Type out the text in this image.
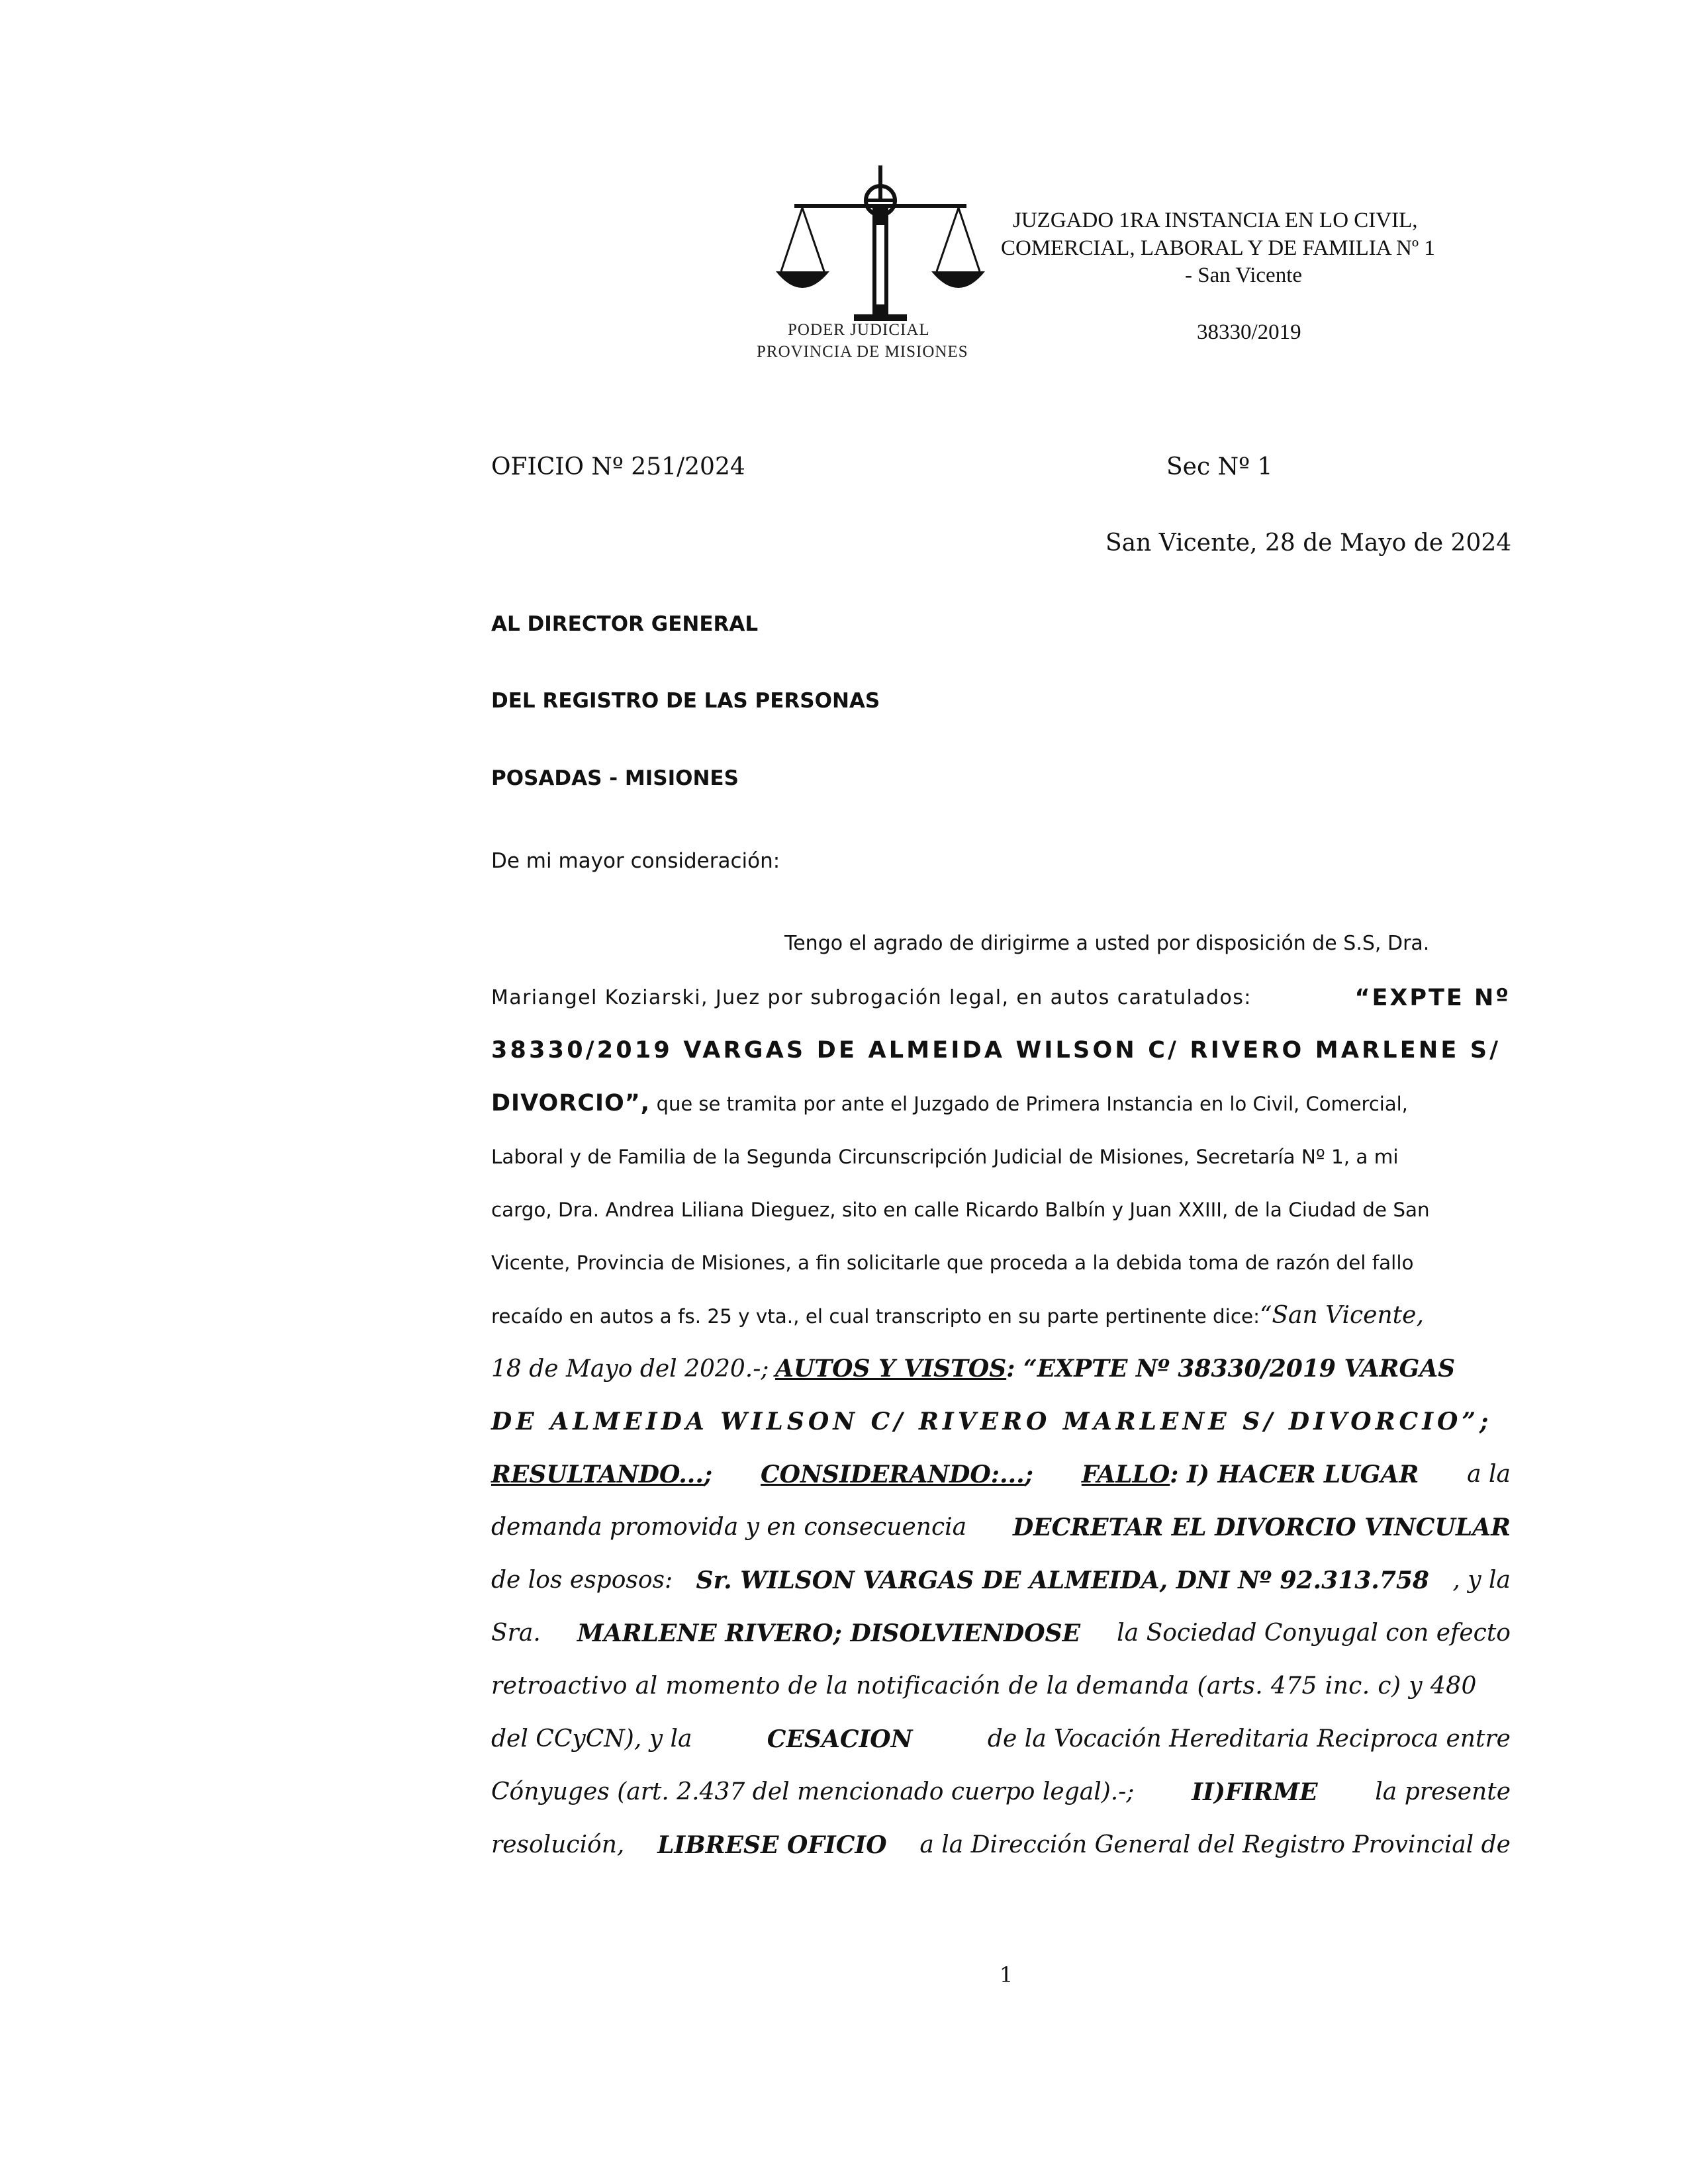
PODER JUDICIAL
PROVINCIA DE MISIONES
JUZGADO 1RA INSTANCIA EN LO CIVIL,
COMERCIAL, LABORAL Y DE FAMILIA Nº 1
- San Vicente
38330/2019
OFICIO Nº 251/2024	Sec Nº 1
San Vicente, 28 de Mayo de 2024
AL DIRECTOR GENERAL
DEL REGISTRO DE LAS PERSONAS
POSADAS - MISIONES
De mi mayor consideración:
Tengo el agrado de dirigirme a usted por disposición de S.S, Dra.
Mariangel Koziarski, Juez por subrogación legal, en autos caratulados:	“EXPTE Nº
38330/2019 VARGAS DE ALMEIDA WILSON C/ RIVERO MARLENE S/
DIVORCIO”, que se tramita por ante el Juzgado de Primera Instancia en lo Civil, Comercial,
Laboral y de Familia de la Segunda Circunscripción Judicial de Misiones, Secretaría Nº 1, a mi
cargo, Dra. Andrea Liliana Dieguez, sito en calle Ricardo Balbín y Juan XXIII, de la Ciudad de San
Vicente, Provincia de Misiones, a fin solicitarle que proceda a la debida toma de razón del fallo
recaído en autos a fs. 25 y vta., el cual transcripto en su parte pertinente dice:“San Vicente,
18 de Mayo del 2020.-; AUTOS Y VISTOS: “EXPTE Nº 38330/2019 VARGAS
DE ALMEIDA WILSON C/ RIVERO MARLENE S/ DIVORCIO”;
RESULTANDO...; CONSIDERANDO:...; FALLO: I) HACER LUGAR a la
demanda promovida y en consecuencia DECRETAR EL DIVORCIO VINCULAR
de los esposos: Sr. WILSON VARGAS DE ALMEIDA, DNI Nº 92.313.758 , y la
Sra. MARLENE RIVERO; DISOLVIENDOSE la Sociedad Conyugal con efecto
retroactivo al momento de la notificación de la demanda (arts. 475 inc. c) y 480
del CCyCN), y la	CESACION	de la Vocación Hereditaria Reciproca entre
Cónyuges (art. 2.437 del mencionado cuerpo legal).-; II)FIRME la presente
resolución, LIBRESE OFICIO a la Dirección General del Registro Provincial de
1
